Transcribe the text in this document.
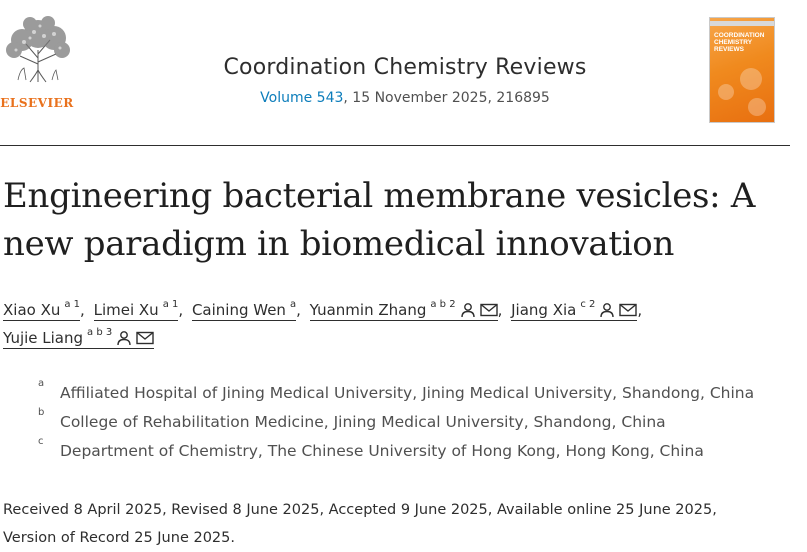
ELSEVIER
Coordination Chemistry Reviews
Volume 543, 15 November 2025, 216895
COORDINATION
CHEMISTRY REVIEWS
Engineering bacterial membrane vesicles: A new paradigm in biomedical innovation
Xiao Xu $^{a 1}$ , Limei Xu $^{a 1}$ , Caining Wen $^a$ , Yuanmin Zhang $^{a b 2}$	, Jiang Xia $^{c 2}$	,

Yujie Liang $^{a b 3}$
a
Affiliated Hospital of Jining Medical University, Jining Medical University, Shandong, China
b
College of Rehabilitation Medicine, Jining Medical University, Shandong, China
c
Department of Chemistry, The Chinese University of Hong Kong, Hong Kong, China
Received 8 April 2025, Revised 8 June 2025, Accepted 9 June 2025, Available online 25 June 2025,
Version of Record 25 June 2025.
